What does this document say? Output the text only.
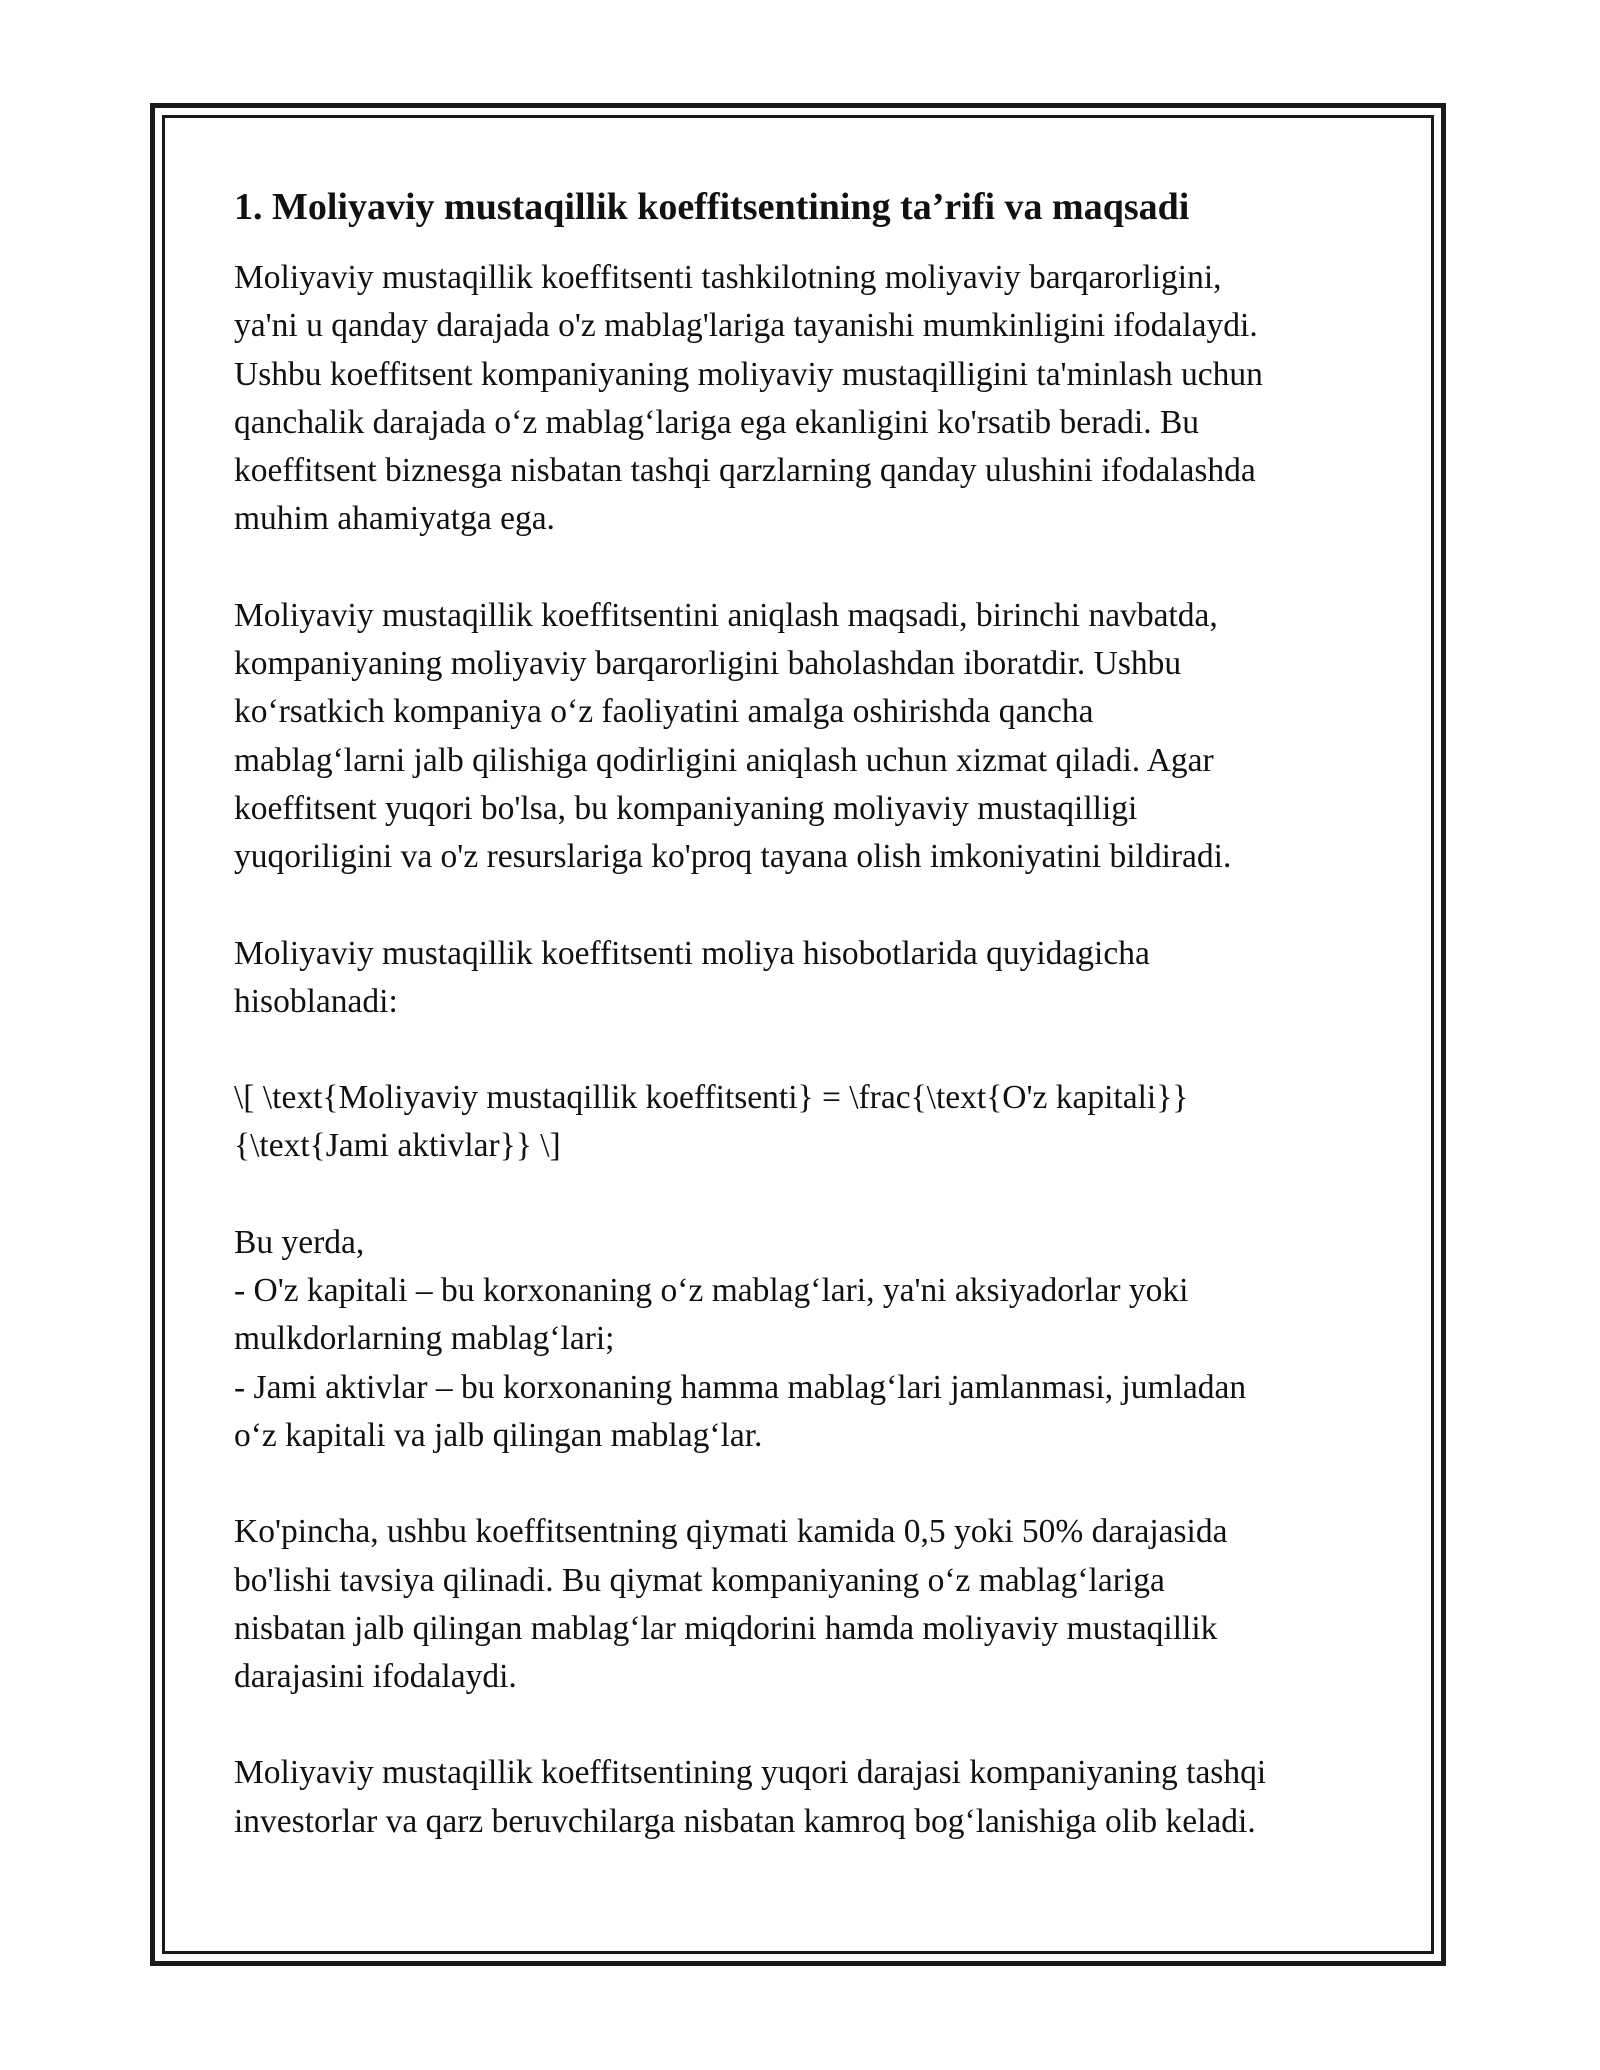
1. Moliyaviy mustaqillik koeffitsentining ta’rifi va maqsadi

Moliyaviy mustaqillik koeffitsenti tashkilotning moliyaviy barqarorligini,
ya'ni u qanday darajada o'z mablag'lariga tayanishi mumkinligini ifodalaydi.
Ushbu koeffitsent kompaniyaning moliyaviy mustaqilligini ta'minlash uchun
qanchalik darajada o‘z mablag‘lariga ega ekanligini ko'rsatib beradi. Bu
koeffitsent biznesga nisbatan tashqi qarzlarning qanday ulushini ifodalashda
muhim ahamiyatga ega.

Moliyaviy mustaqillik koeffitsentini aniqlash maqsadi, birinchi navbatda,
kompaniyaning moliyaviy barqarorligini baholashdan iboratdir. Ushbu
ko‘rsatkich kompaniya o‘z faoliyatini amalga oshirishda qancha
mablag‘larni jalb qilishiga qodirligini aniqlash uchun xizmat qiladi. Agar
koeffitsent yuqori bo'lsa, bu kompaniyaning moliyaviy mustaqilligi
yuqoriligini va o'z resurslariga ko'proq tayana olish imkoniyatini bildiradi.

Moliyaviy mustaqillik koeffitsenti moliya hisobotlarida quyidagicha
hisoblanadi:

\[ \text{Moliyaviy mustaqillik koeffitsenti} = \frac{\text{O'z kapitali}}
{\text{Jami aktivlar}} \]

Bu yerda,
- O'z kapitali – bu korxonaning o‘z mablag‘lari, ya'ni aksiyadorlar yoki
mulkdorlarning mablag‘lari;
- Jami aktivlar – bu korxonaning hamma mablag‘lari jamlanmasi, jumladan
o‘z kapitali va jalb qilingan mablag‘lar.

Ko'pincha, ushbu koeffitsentning qiymati kamida 0,5 yoki 50% darajasida
bo'lishi tavsiya qilinadi. Bu qiymat kompaniyaning o‘z mablag‘lariga
nisbatan jalb qilingan mablag‘lar miqdorini hamda moliyaviy mustaqillik
darajasini ifodalaydi.

Moliyaviy mustaqillik koeffitsentining yuqori darajasi kompaniyaning tashqi
investorlar va qarz beruvchilarga nisbatan kamroq bog‘lanishiga olib keladi.
